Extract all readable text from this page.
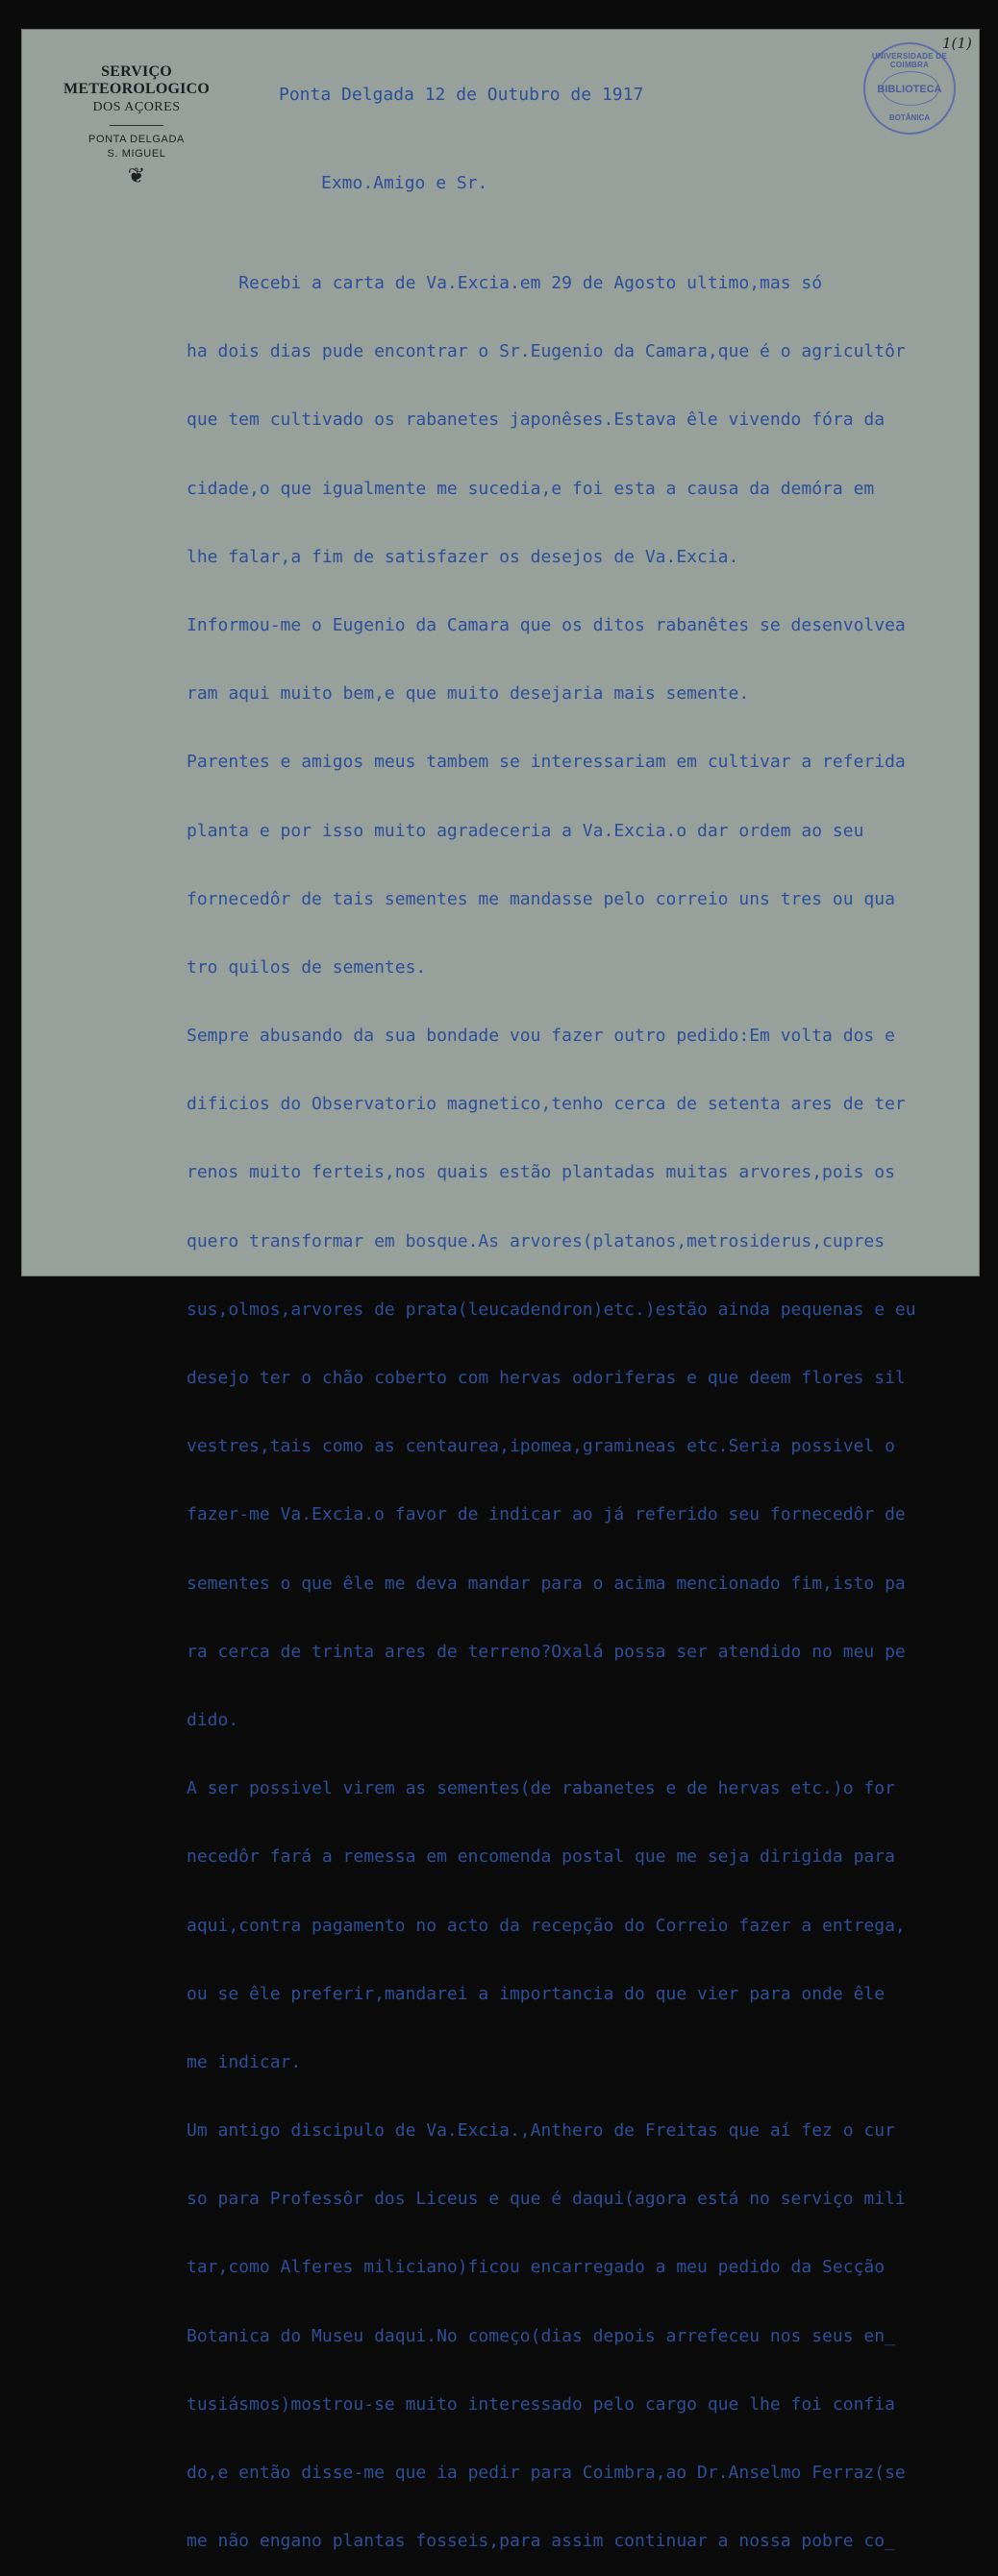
SERVIÇO METEOROLOGICO
DOS AÇORES
PONTA DELGADA
S. MIGUEL
❦
UNIVERSIDADE DE COIMBRA
BIBLIOTECA
BOTÂNICA
1(1)
Ponta Delgada 12 de Outubro de 1917
Exmo.Amigo e Sr.

Recebi a carta de Va.Excia.em 29 de Agosto ultimo,mas só

ha dois dias pude encontrar o Sr.Eugenio da Camara,que é o agricultôr

que tem cultivado os rabanetes japonêses.Estava êle vivendo fóra da

cidade,o que igualmente me sucedia,e foi esta a causa da demóra em

lhe falar,a fim de satisfazer os desejos de Va.Excia.

Informou-me o Eugenio da Camara que os ditos rabanêtes se desenvolvea

ram aqui muito bem,e que muito desejaria mais semente.

Parentes e amigos meus tambem se interessariam em cultivar a referida

planta e por isso muito agradeceria a Va.Excia.o dar ordem ao seu

fornecedôr de tais sementes me mandasse pelo correio uns tres ou qua

tro quilos de sementes.

Sempre abusando da sua bondade vou fazer outro pedido:Em volta dos e

dificios do Observatorio magnetico,tenho cerca de setenta ares de ter

renos muito ferteis,nos quais estão plantadas muitas arvores,pois os

quero transformar em bosque.As arvores(platanos,metrosiderus,cupres

sus,olmos,arvores de prata(leucadendron)etc.)estão ainda pequenas e eu

desejo ter o chão coberto com hervas odoriferas e que deem flores sil

vestres,tais como as centaurea,ipomea,gramineas etc.Seria possivel o

fazer-me Va.Excia.o favor de indicar ao já referido seu fornecedôr de

sementes o que êle me deva mandar para o acima mencionado fim,isto pa

ra cerca de trinta ares de terreno?Oxalá possa ser atendido no meu pe

dido.

A ser possivel virem as sementes(de rabanetes e de hervas etc.)o for

necedôr fará a remessa em encomenda postal que me seja dirigida para

aqui,contra pagamento no acto da recepção do Correio fazer a entrega,

ou se êle preferir,mandarei a importancia do que vier para onde êle

me indicar.

Um antigo discipulo de Va.Excia.,Anthero de Freitas que aí fez o cur

so para Professôr dos Liceus e que é daqui(agora está no serviço mili

tar,como Alferes miliciano)ficou encarregado a meu pedido da Secção

Botanica do Museu daqui.No começo(dias depois arrefeceu nos seus en_

tusiásmos)mostrou-se muito interessado pelo cargo que lhe foi confia

do,e então disse-me que ia pedir para Coimbra,ao Dr.Anselmo Ferraz(se

me não engano plantas fosseis,para assim continuar a nossa pobre co_
